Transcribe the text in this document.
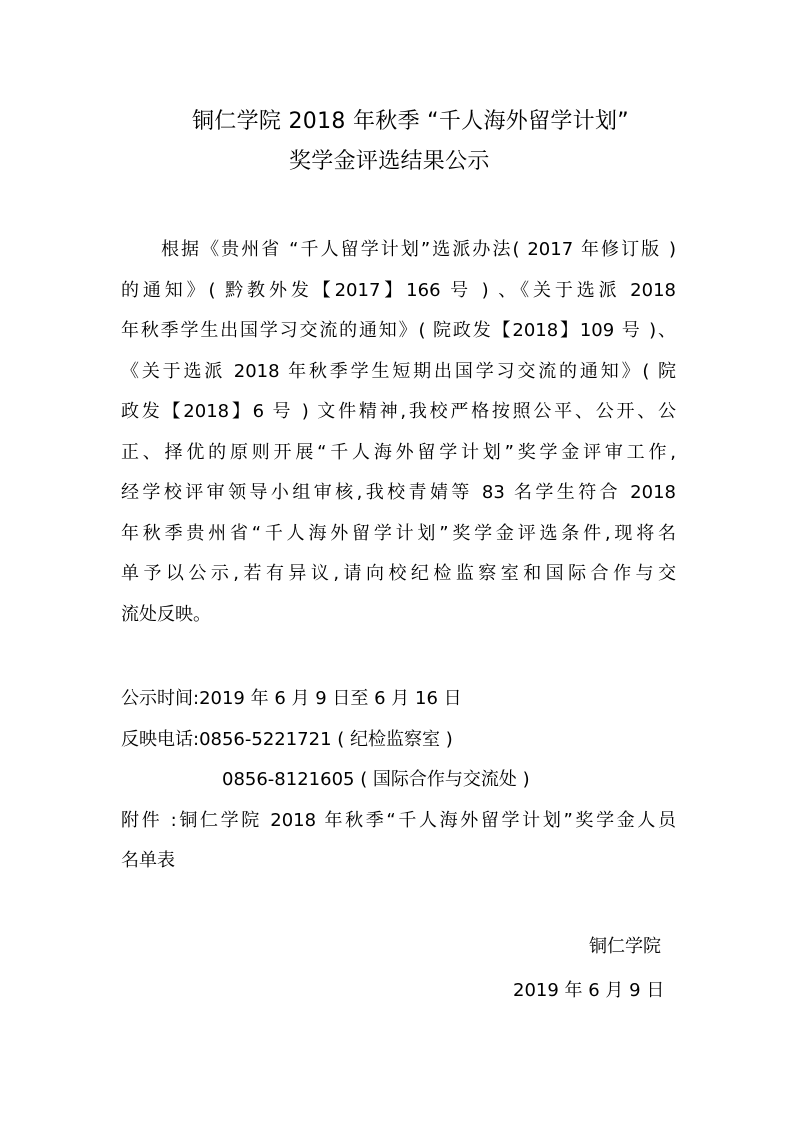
铜仁学院 2018 年秋季 “千人海外留学计划”
奖学金评选结果公示
根据《贵州省 “千人留学计划”选派办法( 2017 年修订版 )
的通知》( 黔教外发【2017】166 号 ) 、《关于选派 2018
年秋季学生出国学习交流的通知》( 院政发【2018】109 号 )、
《关于选派 2018 年秋季学生短期出国学习交流的通知》( 院
政发【2018】6 号 ) 文件精神,我校严格按照公平、公开、公
正、择优的原则开展“千人海外留学计划”奖学金评审工作,
经学校评审领导小组审核,我校青婧等 83 名学生符合 2018
年秋季贵州省“千人海外留学计划”奖学金评选条件,现将名
单予以公示,若有异议,请向校纪检监察室和国际合作与交
流处反映。
公示时间:2019 年 6 月 9 日至 6 月 16 日
反映电话:0856-5221721 ( 纪检监察室 )
0856-8121605 ( 国际合作与交流处 )
附件 :铜仁学院 2018 年秋季“千人海外留学计划”奖学金人员
名单表
铜仁学院
2019 年 6 月 9 日
